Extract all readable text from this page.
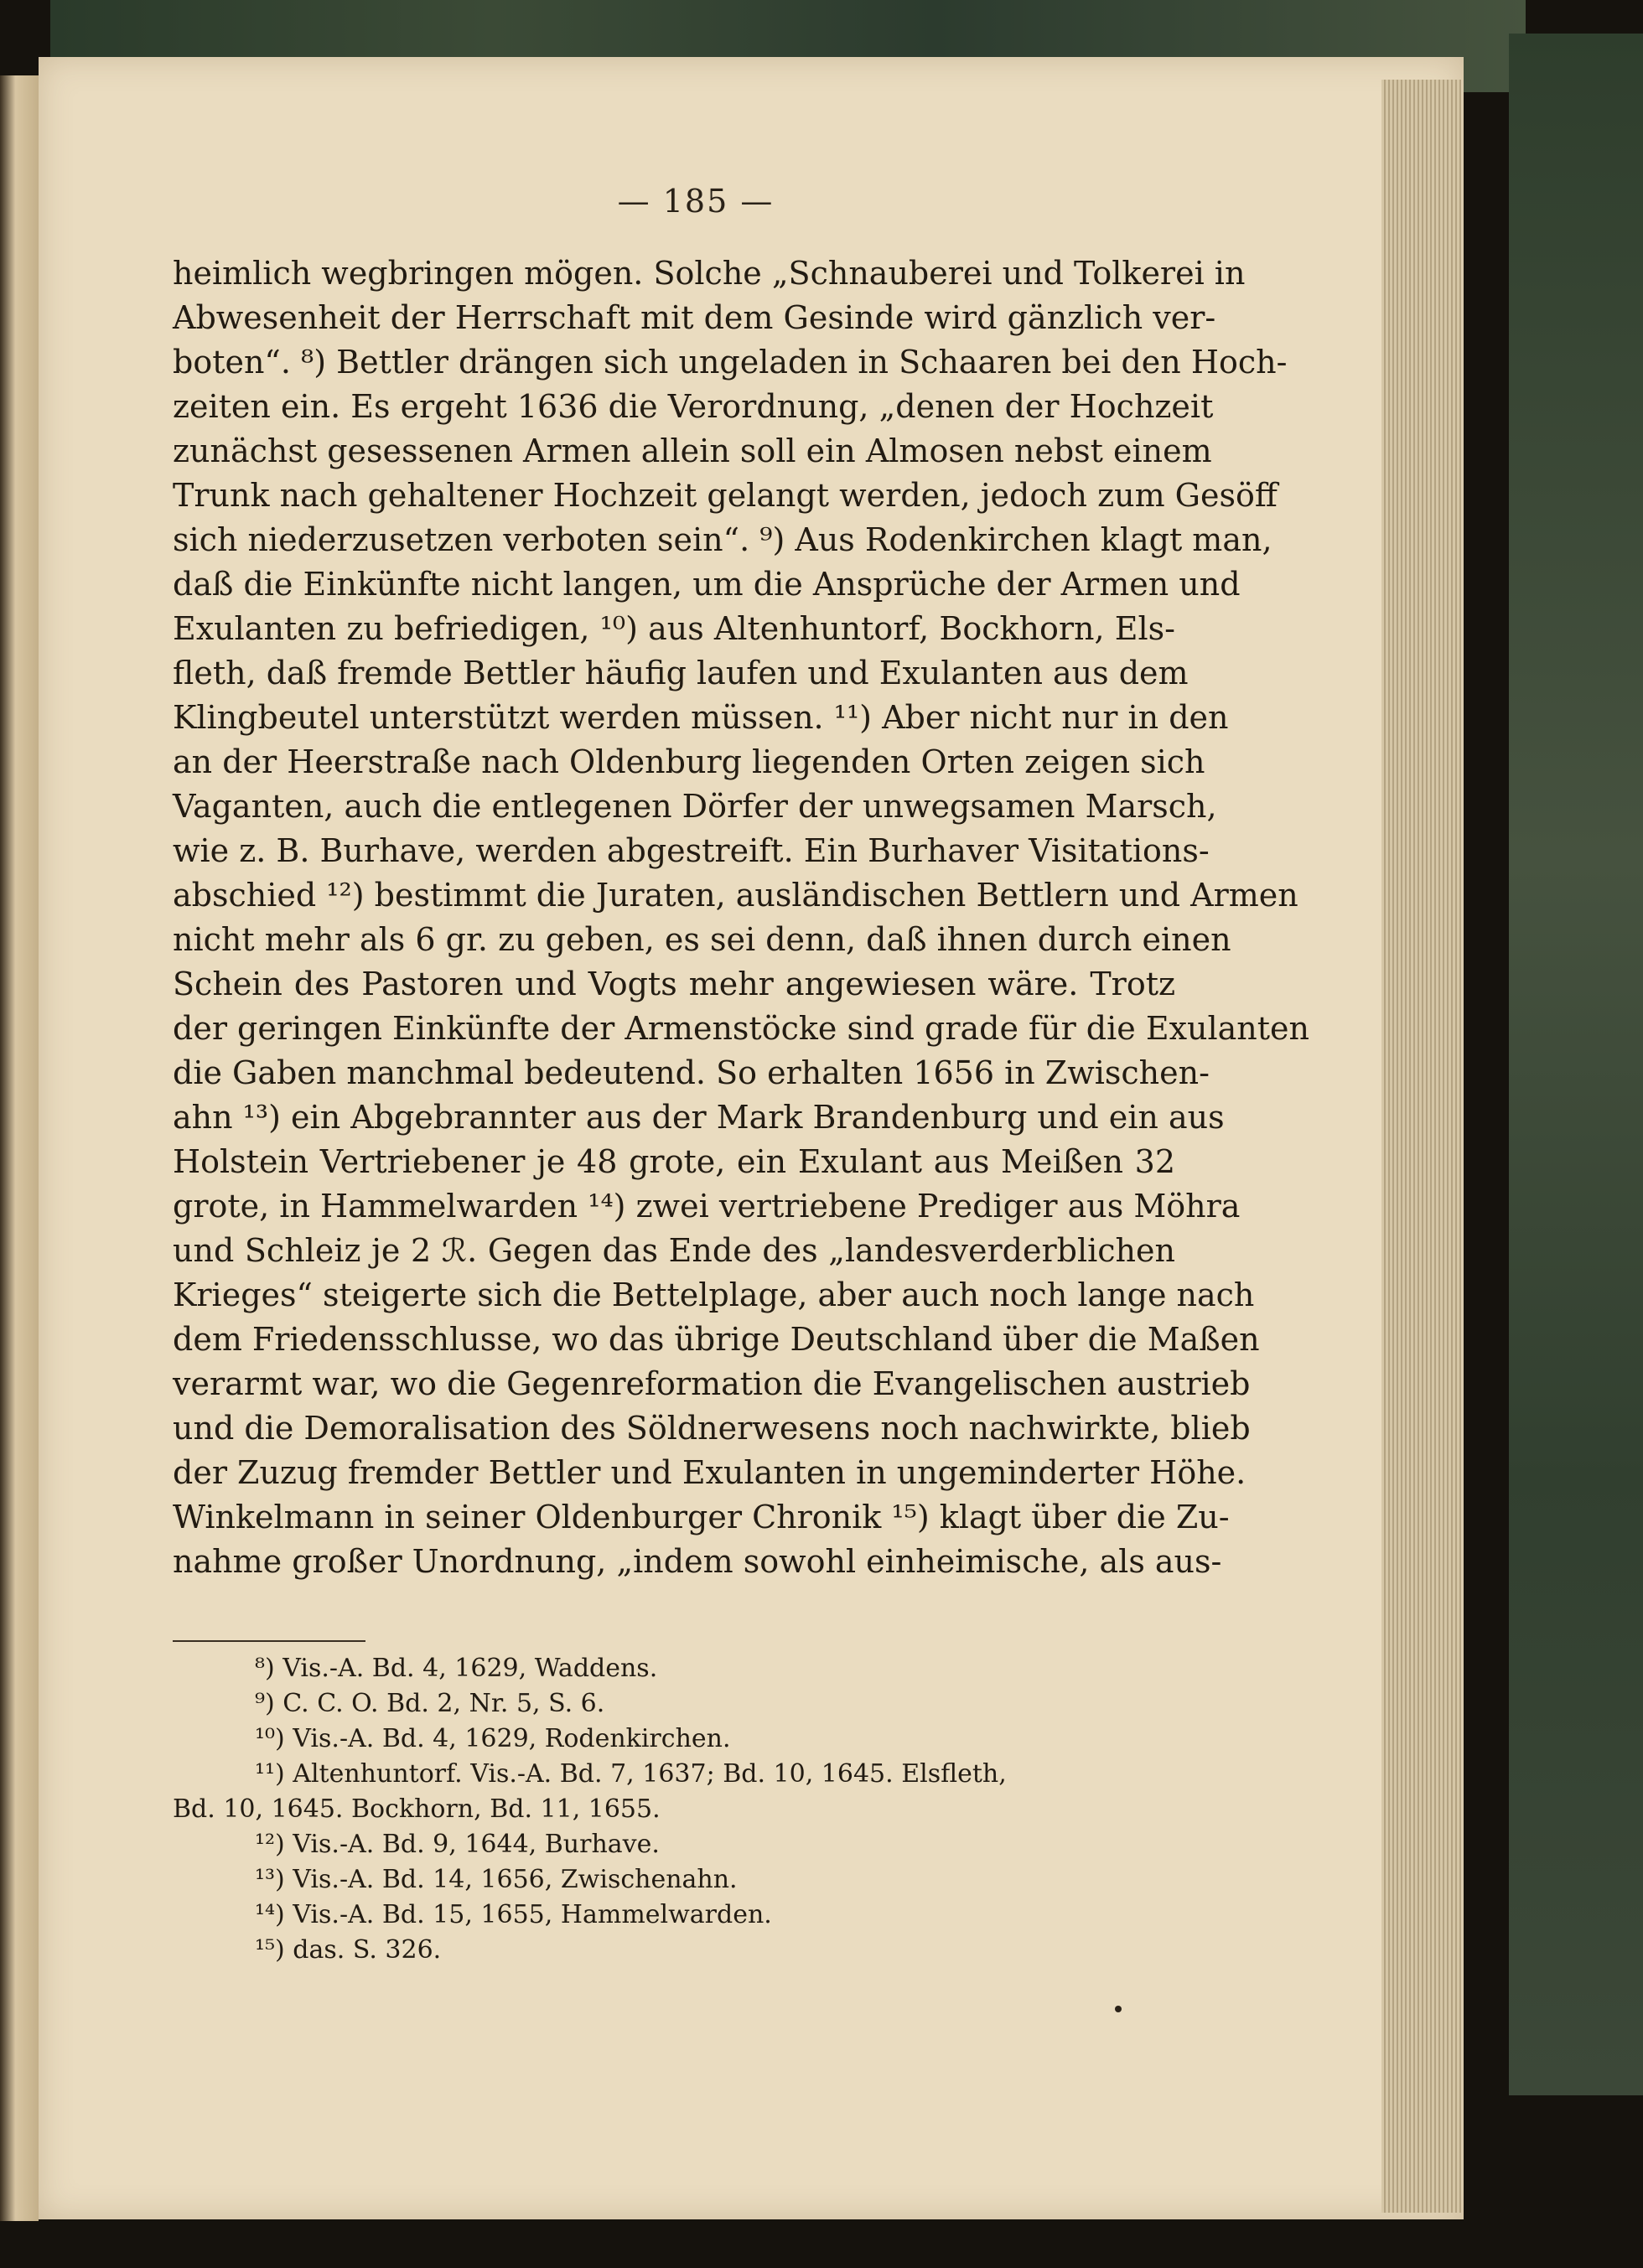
— 185 —
heimlich wegbringen mögen. Solche „Schnauberei und Tolkerei in
Abwesenheit der Herrschaft mit dem Gesinde wird gänzlich ver-
boten“. ⁸) Bettler drängen sich ungeladen in Schaaren bei den Hoch-
zeiten ein. Es ergeht 1636 die Verordnung, „denen der Hochzeit
zunächst gesessenen Armen allein soll ein Almosen nebst einem
Trunk nach gehaltener Hochzeit gelangt werden, jedoch zum Gesöff
sich niederzusetzen verboten sein“. ⁹) Aus Rodenkirchen klagt man,
daß die Einkünfte nicht langen, um die Ansprüche der Armen und
Exulanten zu befriedigen, ¹⁰) aus Altenhuntorf, Bockhorn, Els-
fleth, daß fremde Bettler häufig laufen und Exulanten aus dem
Klingbeutel unterstützt werden müssen. ¹¹) Aber nicht nur in den
an der Heerstraße nach Oldenburg liegenden Orten zeigen sich
Vaganten, auch die entlegenen Dörfer der unwegsamen Marsch,
wie z. B. Burhave, werden abgestreift. Ein Burhaver Visitations-
abschied ¹²) bestimmt die Juraten, ausländischen Bettlern und Armen
nicht mehr als 6 gr. zu geben, es sei denn, daß ihnen durch einen
Schein des Pastoren und Vogts mehr angewiesen wäre. Trotz
der geringen Einkünfte der Armenstöcke sind grade für die Exulanten
die Gaben manchmal bedeutend. So erhalten 1656 in Zwischen-
ahn ¹³) ein Abgebrannter aus der Mark Brandenburg und ein aus
Holstein Vertriebener je 48 grote, ein Exulant aus Meißen 32
grote, in Hammelwarden ¹⁴) zwei vertriebene Prediger aus Möhra
und Schleiz je 2 ℛ. Gegen das Ende des „landesverderblichen
Krieges“ steigerte sich die Bettelplage, aber auch noch lange nach
dem Friedensschlusse, wo das übrige Deutschland über die Maßen
verarmt war, wo die Gegenreformation die Evangelischen austrieb
und die Demoralisation des Söldnerwesens noch nachwirkte, blieb
der Zuzug fremder Bettler und Exulanten in ungeminderter Höhe.
Winkelmann in seiner Oldenburger Chronik ¹⁵) klagt über die Zu-
nahme großer Unordnung, „indem sowohl einheimische, als aus-
⁸) Vis.-A. Bd. 4, 1629, Waddens.
⁹) C. C. O. Bd. 2, Nr. 5, S. 6.
¹⁰) Vis.-A. Bd. 4, 1629, Rodenkirchen.
¹¹) Altenhuntorf. Vis.-A. Bd. 7, 1637; Bd. 10, 1645. Elsfleth,
Bd. 10, 1645. Bockhorn, Bd. 11, 1655.
¹²) Vis.-A. Bd. 9, 1644, Burhave.
¹³) Vis.-A. Bd. 14, 1656, Zwischenahn.
¹⁴) Vis.-A. Bd. 15, 1655, Hammelwarden.
¹⁵) das. S. 326.
